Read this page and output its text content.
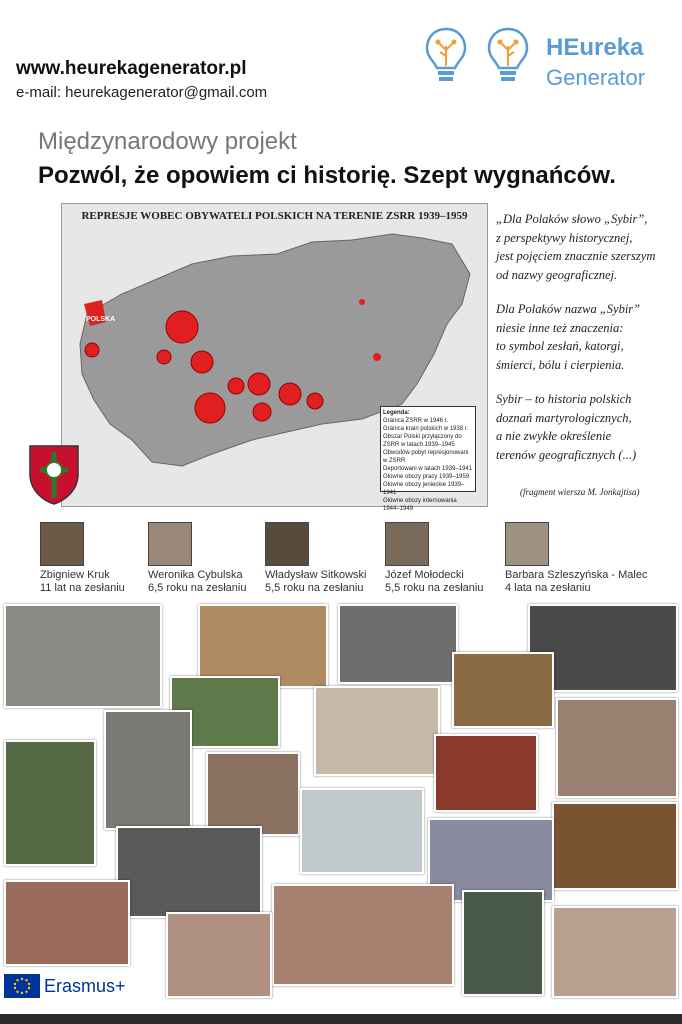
www.heurekagenerator.pl
e-mail: heurekagenerator@gmail.com
HEureka
Generator
Międzynarodowy projekt
Pozwól, że opowiem ci historię. Szept wygnańców.
REPRESJE WOBEC OBYWATELI POLSKICH NA TERENIE ZSRR 1939–1959
POLSKA
Legenda:
Granica ZSRR w 1946 r.
Granica krain polskich w 1938 r.
Obszar Polski przyłączony do ZSRR w latach 1939–1945
Obwodów pobyt represjonowani w ZSRR
Deportowani w latach 1939–1941
Główne obozy pracy 1939–1959
Główne obozy jenieckie 1939–1941
Główne obozy internowania 1944–1949

„Dla Polaków słowo „Sybir”,
z perspektywy historycznej,
jest pojęciem znacznie szerszym
od nazwy geograficznej.

Dla Polaków nazwa „Sybir”
niesie inne też znaczenia:
to symbol zesłań, katorgi,
śmierci, bólu i cierpienia.

Sybir – to historia polskich
doznań martyrologicznych,
a nie zwykłe określenie
terenów geograficznych (...)

(fragment wiersza M. Jonkajtisa)
Zbigniew Kruk
11 lat na zesłaniu
Weronika Cybulska
6,5 roku na zesłaniu
Władysław Sitkowski
5,5 roku na zesłaniu
Józef Mołodecki
5,5 roku na zesłaniu
Barbara Szleszyńska - Malec
4 lata na zesłaniu
Erasmus+
